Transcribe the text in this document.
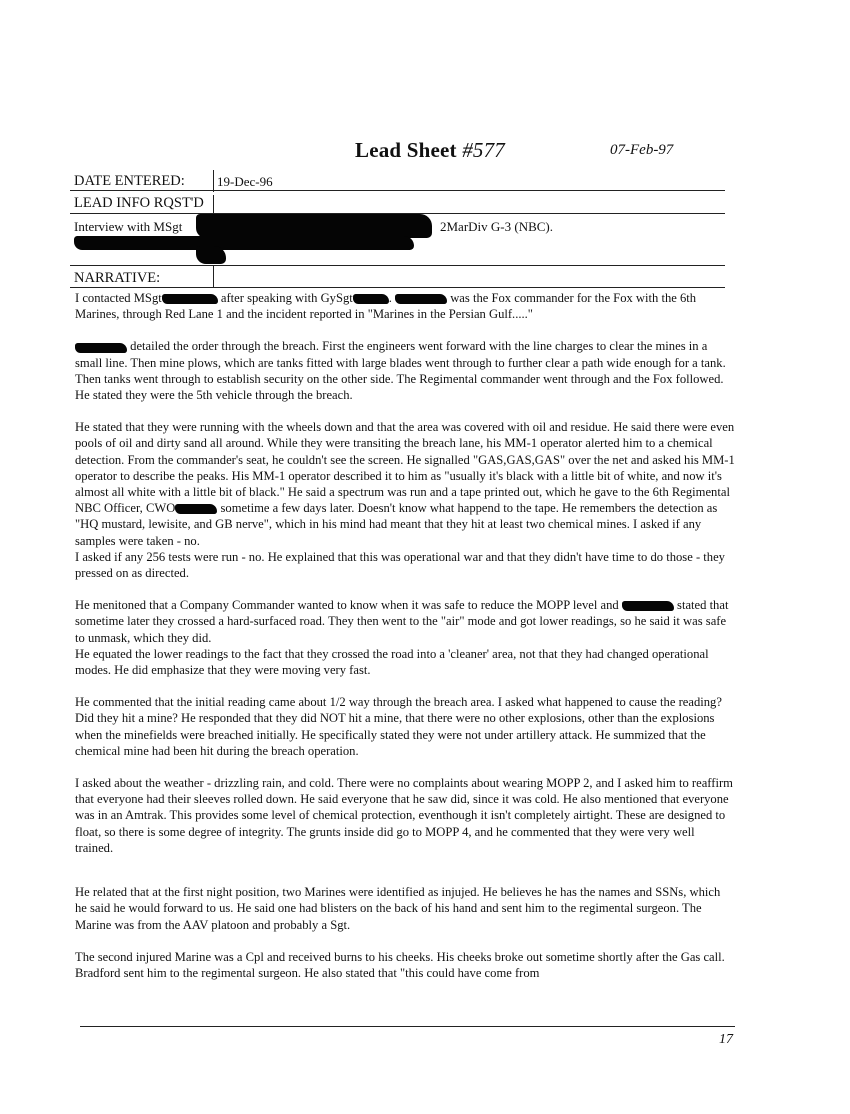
Lead Sheet #577	07-Feb-97
DATE ENTERED: 19-Dec-96
LEAD INFO RQST'D
Interview with MSgt	2MarDiv G-3 (NBC).
NARRATIVE:

I contacted MSgt	after speaking with GySgt	.	was the Fox commander for the Fox with the 6th Marines, through Red Lane 1 and the incident reported in "Marines in the Persian Gulf....."

detailed the order through the breach. First the engineers went forward with the line charges to clear the mines in a small line. Then mine plows, which are tanks fitted with large blades went through to further clear a path wide enough for a tank. Then tanks went through to establish security on the other side. The Regimental commander went through and the Fox followed. He stated they were the 5th vehicle through the breach.

He stated that they were running with the wheels down and that the area was covered with oil and residue. He said there were even pools of oil and dirty sand all around. While they were transiting the breach lane, his MM-1 operator alerted him to a chemical detection. From the commander's seat, he couldn't see the screen. He signalled "GAS,GAS,GAS" over the net and asked his MM-1 operator to describe the peaks. His MM-1 operator described it to him as "usually it's black with a little bit of white, and now it's almost all white with a little bit of black." He said a spectrum was run and a tape printed out, which he gave to the 6th Regimental NBC Officer, CWO	sometime a few days later. Doesn't know what happend to the tape. He remembers the detection as "HQ mustard, lewisite, and GB nerve", which in his mind had meant that they hit at least two chemical mines. I asked if any samples were taken - no.

I asked if any 256 tests were run - no. He explained that this was operational war and that they didn't have time to do those - they pressed on as directed.

He menitoned that a Company Commander wanted to know when it was safe to reduce the MOPP level and	stated that sometime later they crossed a hard-surfaced road. They then went to the "air" mode and got lower readings, so he said it was safe to unmask, which they did.

He equated the lower readings to the fact that they crossed the road into a 'cleaner' area, not that they had changed operational modes. He did emphasize that they were moving very fast.

He commented that the initial reading came about 1/2 way through the breach area. I asked what happened to cause the reading? Did they hit a mine? He responded that they did NOT hit a mine, that there were no other explosions, other than the explosions when the minefields were breached initially. He specifically stated they were not under artillery attack. He summized that the chemical mine had been hit during the breach operation.

I asked about the weather - drizzling rain, and cold. There were no complaints about wearing MOPP 2, and I asked him to reaffirm that everyone had their sleeves rolled down. He said everyone that he saw did, since it was cold. He also mentioned that everyone was in an Amtrak. This provides some level of chemical protection, eventhough it isn't completely airtight. These are designed to float, so there is some degree of integrity. The grunts inside did go to MOPP 4, and he commented that they were very well trained.

He related that at the first night position, two Marines were identified as injujed. He believes he has the names and SSNs, which he said he would forward to us. He said one had blisters on the back of his hand and sent him to the regimental surgeon. The Marine was from the AAV platoon and probably a Sgt.

The second injured Marine was a Cpl and received burns to his cheeks. His cheeks broke out sometime shortly after the Gas call. Bradford sent him to the regimental surgeon. He also stated that "this could have come from

17
